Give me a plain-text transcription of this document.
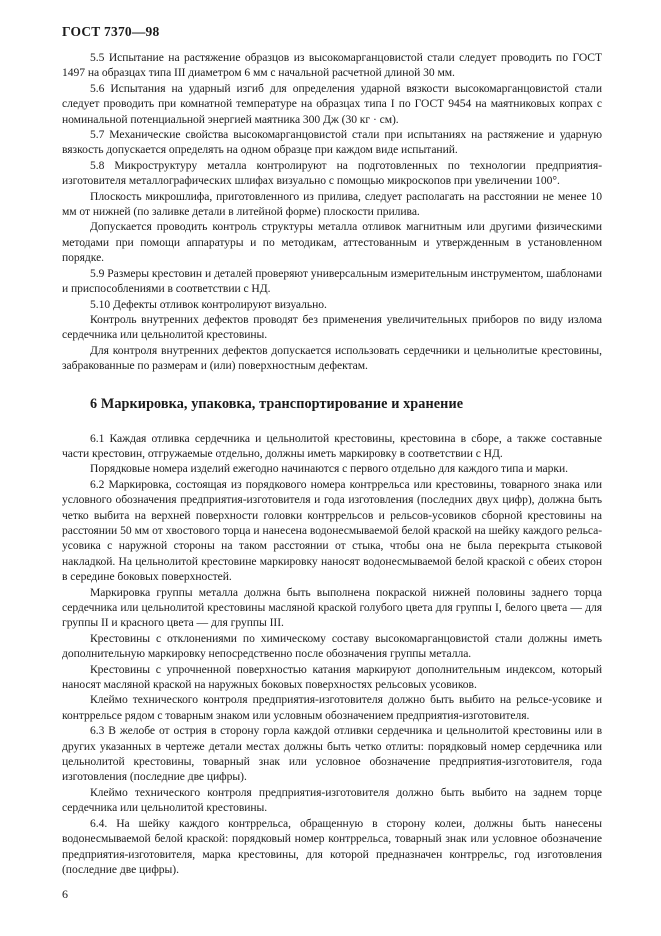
ГОСТ 7370—98

5.5 Испытание на растяжение образцов из высокомарганцовистой стали следует проводить по ГОСТ 1497 на образцах типа III диаметром 6 мм с начальной расчетной длиной 30 мм.

5.6 Испытания на ударный изгиб для определения ударной вязкости высокомарганцовистой стали следует проводить при комнатной температуре на образцах типа I по ГОСТ 9454 на маятниковых копрах с номинальной потенциальной энергией маятника 300 Дж (30 кг · см).

5.7 Механические свойства высокомарганцовистой стали при испытаниях на растяжение и ударную вязкость допускается определять на одном образце при каждом виде испытаний.

5.8 Микроструктуру металла контролируют на подготовленных по технологии предприятия-изготовителя металлографических шлифах визуально с помощью микроскопов при увеличении 100°.

Плоскость микрошлифа, приготовленного из прилива, следует располагать на расстоянии не менее 10 мм от нижней (по заливке детали в литейной форме) плоскости прилива.

Допускается проводить контроль структуры металла отливок магнитным или другими физическими методами при помощи аппаратуры и по методикам, аттестованным и утвержденным в установленном порядке.

5.9 Размеры крестовин и деталей проверяют универсальным измерительным инструментом, шаблонами и приспособлениями в соответствии с НД.

5.10 Дефекты отливок контролируют визуально.

Контроль внутренних дефектов проводят без применения увеличительных приборов по виду излома сердечника или цельнолитой крестовины.

Для контроля внутренних дефектов допускается использовать сердечники и цельнолитые крестовины, забракованные по размерам и (или) поверхностным дефектам.

6 Маркировка, упаковка, транспортирование и хранение

6.1 Каждая отливка сердечника и цельнолитой крестовины, крестовина в сборе, а также составные части крестовин, отгружаемые отдельно, должны иметь маркировку в соответствии с НД.

Порядковые номера изделий ежегодно начинаются с первого отдельно для каждого типа и марки.

6.2 Маркировка, состоящая из порядкового номера контррельса или крестовины, товарного знака или условного обозначения предприятия-изготовителя и года изготовления (последних двух цифр), должна быть четко выбита на верхней поверхности головки контррельсов и рельсов-усовиков сборной крестовины на расстоянии 50 мм от хвостового торца и нанесена водонесмываемой белой краской на шейку каждого рельса-усовика с наружной стороны на таком расстоянии от стыка, чтобы она не была перекрыта стыковой накладкой. На цельнолитой крестовине маркировку наносят водонесмываемой белой краской с обеих сторон в середине боковых поверхностей.

Маркировка группы металла должна быть выполнена покраской нижней половины заднего торца сердечника или цельнолитой крестовины масляной краской голубого цвета для группы I, белого цвета — для группы II и красного цвета — для группы III.

Крестовины с отклонениями по химическому составу высокомарганцовистой стали должны иметь дополнительную маркировку непосредственно после обозначения группы металла.

Крестовины с упрочненной поверхностью катания маркируют дополнительным индексом, который наносят масляной краской на наружных боковых поверхностях рельсовых усовиков.

Клеймо технического контроля предприятия-изготовителя должно быть выбито на рельсе-усовике и контррельсе рядом с товарным знаком или условным обозначением предприятия-изготовителя.

6.3 В желобе от острия в сторону горла каждой отливки сердечника и цельнолитой крестовины или в других указанных в чертеже детали местах должны быть четко отлиты: порядковый номер сердечника или цельнолитой крестовины, товарный знак или условное обозначение предприятия-изготовителя, года изготовления (последние две цифры).

Клеймо технического контроля предприятия-изготовителя должно быть выбито на заднем торце сердечника или цельнолитой крестовины.

6.4. На шейку каждого контррельса, обращенную в сторону колеи, должны быть нанесены водонесмываемой белой краской: порядковый номер контррельса, товарный знак или условное обозначение предприятия-изготовителя, марка крестовины, для которой предназначен контррельс, год изготовления (последние две цифры).

6
